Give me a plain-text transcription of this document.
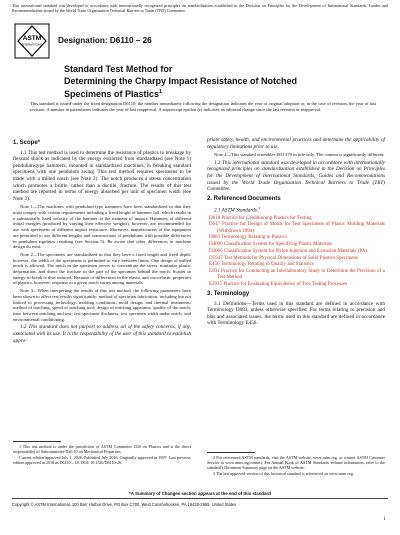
This international standard was developed in accordance with internationally recognized principles on standardization established in the Decision on Principles for the Development of International Standards, Guides and Recommendations issued by the World Trade Organization Technical Barriers to Trade (TBT) Committee.
ASTM
INTERNATIONAL Designation: D6110 – 26
Standard Test Method for
Determining the Charpy Impact Resistance of Notched
Specimens of Plastics$^1$
This standard is issued under the fixed designation D6110; the number immediately following the designation indicates the year of original adoption or, in the case of revision, the year of last revision. A number in parentheses indicates the year of last reapproval. A superscript epsilon (ε) indicates an editorial change since the last revision or reapproval.
1. Scope*

1.1 This test method is used to determine the resistance of plastics to breakage by flexural shock as indicated by the energy extracted from standardized (see Note 1) pendulum-type hammers, mounted in standardized machines, in breaking standard specimens with one pendulum swing. This test method requires specimens to be made with a milled notch (see Note 2). The notch produces a stress concentration which promotes a brittle, rather than a ductile, fracture. The results of this test method are reported in terms of energy absorbed per unit of specimen width (see Note 3).

Note 1—The machines with pendulum-type hammers have been standardized in that they must comply with certain requirements including a fixed height of hammer fall, which results in a substantially fixed velocity of the hammer at the moment of impact. Hammers of different initial energies (produced by varying their effective weights), however, are recommended for use with specimens of different impact resistance. Moreover, manufacturers of the equipment are permitted to use different lengths and constructions of pendulums with possible differences in pendulum rigidities resulting (see Section 5). Be aware that other differences in machine design do exist.
Note 2—The specimens are standardized in that they have a fixed length and fixed depth, however, the width of the specimens is permitted to vary between limits. One design of milled notch is allowed. The notch in the specimen serves to concentrate the stress, minimize plastic deformation, and direct the fracture to the part of the specimen behind the notch. Scatter in energy-to-break is thus reduced. Because of differences in the elastic and viscoelastic properties of plastics, however, response to a given notch varies among materials.
Note 3—When interpreting the results of this test method, the following parameters have been shown to affect test results significantly: method of specimen fabrication, including but not limited to processing technology, molding conditions, mold design, and thermal treatments; method of notching; speed of notching tool; design of notching apparatus; quality of the notch; time between notching and test; test specimen thickness; test specimen width under notch; and environmental conditioning.

1.2 This standard does not purport to address all of the safety concerns, if any, associated with its use. It is the responsibility of the user of this standard to establish appro-

1 This test method is under the jurisdiction of ASTM Committee D20 on Plastics and is the direct responsibility of Subcommittee D20.10 on Mechanical Properties.

Current edition approved July 1, 2026. Published July 2026. Originally approved in 1997. Last previous edition approved in 2018 as D6110 – 18. DOI: 10.1520/D6110-26.

priate safety, health, and environmental practices and determine the applicability of regulatory limitations prior to use.

Note 4—This standard resembles ISO 179 in title only. The content is significantly different.

1.3 This international standard was developed in accordance with internationally recognized principles on standardization established in the Decision on Principles for the Development of International Standards, Guides and Recommendations issued by the World Trade Organization Technical Barriers to Trade (TBT) Committee.

2. Referenced Documents
2.1 ASTM Standards:$^2$
D618 Practice for Conditioning Plastics for Testing
D647 Practice for Design of Molds for Test Specimens of Plastic Molding Materials (Withdrawn 1994)
D883 Terminology Relating to Plastics
D4000 Classification System for Specifying Plastic Materials
D4066 Classification System for Nylon Injection and Extrusion Materials (PA)
D5947 Test Methods for Physical Dimensions of Solid Plastics Specimens
E456 Terminology Relating to Quality and Statistics
E691 Practice for Conducting an Interlaboratory Study to Determine the Precision of a Test Method
E2935 Practice for Evaluating Equivalence of Two Testing Processes
3. Terminology

3.1 Definitions—Terms used in this standard are defined in accordance with Terminology D883, unless otherwise specified. For terms relating to precision and bias and associated issues, the terms used in this standard are defined in accordance with Terminology E456.

2 For referenced ASTM standards, visit the ASTM website, www.astm.org, or contact ASTM Customer Service at www.astm.org/contact. For Annual Book of ASTM Standards volume information, refer to the standard's Document Summary page on the ASTM website.

3 The last approved version of this historical standard is referenced on www.astm.org.

*A Summary of Changes section appears at the end of this standard
Copyright © ASTM International, 100 Barr Harbor Drive, PO Box C700, West Conshohocken, PA 19428-2959. United States
1
